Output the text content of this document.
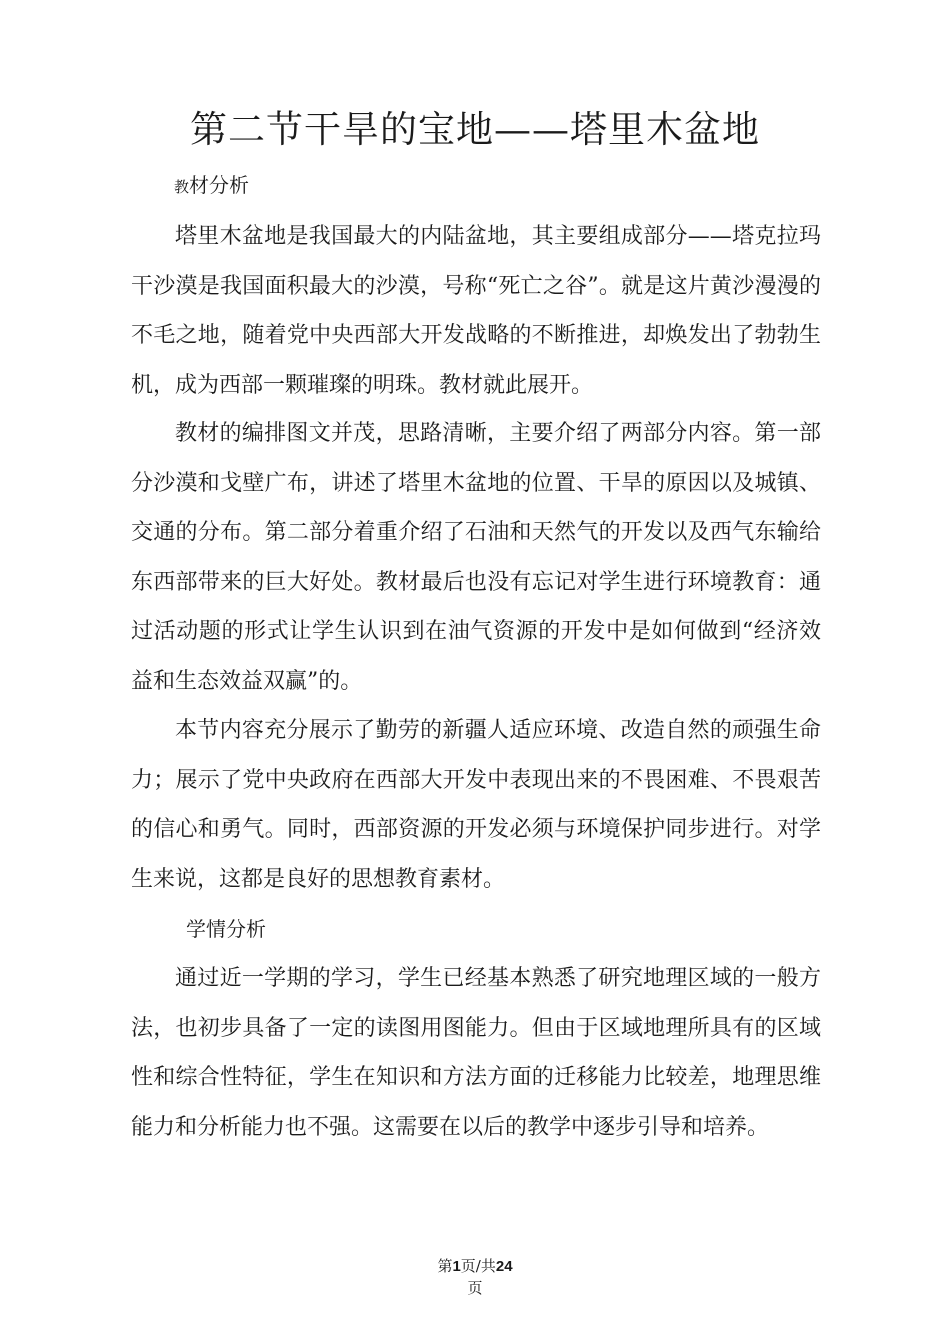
第二节干旱的宝地——塔里木盆地
教材分析

塔里木盆地是我国最大的内陆盆地，其主要组成部分——塔克拉玛干沙漠是我国面积最大的沙漠，号称“死亡之谷”。就是这片黄沙漫漫的不毛之地，随着党中央西部大开发战略的不断推进，却焕发出了勃勃生机，成为西部一颗璀璨的明珠。教材就此展开。

教材的编排图文并茂，思路清晰，主要介绍了两部分内容。第一部分沙漠和戈壁广布，讲述了塔里木盆地的位置、干旱的原因以及城镇、交通的分布。第二部分着重介绍了石油和天然气的开发以及西气东输给东西部带来的巨大好处。教材最后也没有忘记对学生进行环境教育：通过活动题的形式让学生认识到在油气资源的开发中是如何做到“经济效益和生态效益双赢”的。

本节内容充分展示了勤劳的新疆人适应环境、改造自然的顽强生命力；展示了党中央政府在西部大开发中表现出来的不畏困难、不畏艰苦的信心和勇气。同时，西部资源的开发必须与环境保护同步进行。对学生来说，这都是良好的思想教育素材。

学情分析

通过近一学期的学习，学生已经基本熟悉了研究地理区域的一般方法，也初步具备了一定的读图用图能力。但由于区域地理所具有的区域性和综合性特征，学生在知识和方法方面的迁移能力比较差，地理思维能力和分析能力也不强。这需要在以后的教学中逐步引导和培养。

第1页/共24
页
